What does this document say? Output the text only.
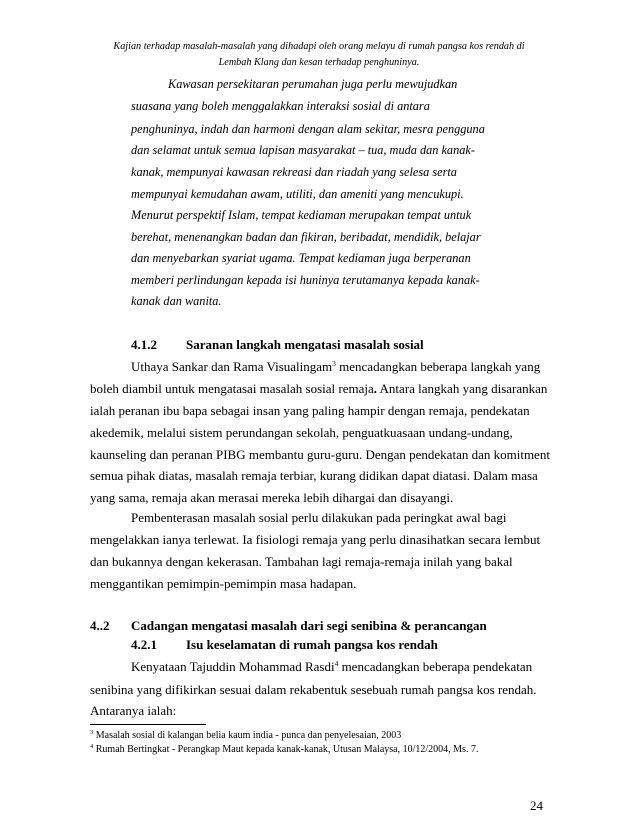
Kajian terhadap masalah-masalah yang dihadapi oleh orang melayu di rumah pangsa kos rendah di
Lembah Klang dan kesan terhadap penghuninya.
Kawasan persekitaran perumahan juga perlu mewujudkan
suasana yang boleh menggalakkan interaksi sosial di antara
penghuninya, indah dan harmoni dengan alam sekitar, mesra pengguna
dan selamat untuk semua lapisan masyarakat – tua, muda dan kanak-
kanak, mempunyai kawasan rekreasi dan riadah yang selesa serta
mempunyai kemudahan awam, utiliti, dan ameniti yang mencukupi.
Menurut perspektif Islam, tempat kediaman merupakan tempat untuk
berehat, menenangkan badan dan fikiran, beribadat, mendidik, belajar
dan menyebarkan syariat ugama. Tempat kediaman juga berperanan
memberi perlindungan kepada isi huninya terutamanya kepada kanak-
kanak dan wanita.
4.1.2 Saranan langkah mengatasi masalah sosial
Uthaya Sankar dan Rama Visualingam$^3$ mencadangkan beberapa langkah yang
boleh diambil untuk mengatasai masalah sosial remaja. Antara langkah yang disarankan
ialah peranan ibu bapa sebagai insan yang paling hampir dengan remaja, pendekatan
akedemik, melalui sistem perundangan sekolah, penguatkuasaan undang-undang,
kaunseling dan peranan PIBG membantu guru-guru. Dengan pendekatan dan komitment
semua pihak diatas, masalah remaja terbiar, kurang didikan dapat diatasi. Dalam masa
yang sama, remaja akan merasai mereka lebih dihargai dan disayangi.
Pembenterasan masalah sosial perlu dilakukan pada peringkat awal bagi
mengelakkan ianya terlewat. Ia fisiologi remaja yang perlu dinasihatkan secara lembut
dan bukannya dengan kekerasan. Tambahan lagi remaja-remaja inilah yang bakal
menggantikan pemimpin-pemimpin masa hadapan.
4..2 Cadangan mengatasi masalah dari segi senibina & perancangan
4.2.1 Isu keselamatan di rumah pangsa kos rendah
Kenyataan Tajuddin Mohammad Rasdi$^4$ mencadangkan beberapa pendekatan
senibina yang difikirkan sesuai dalam rekabentuk sesebuah rumah pangsa kos rendah.
Antaranya ialah:
$^3$ Masalah sosial di kalangan belia kaum india - punca dan penyelesaian, 2003
$^4$ Rumah Bertingkat - Perangkap Maut kepada kanak-kanak, Utusan Malaysa, 10/12/2004, Ms. 7.
24
